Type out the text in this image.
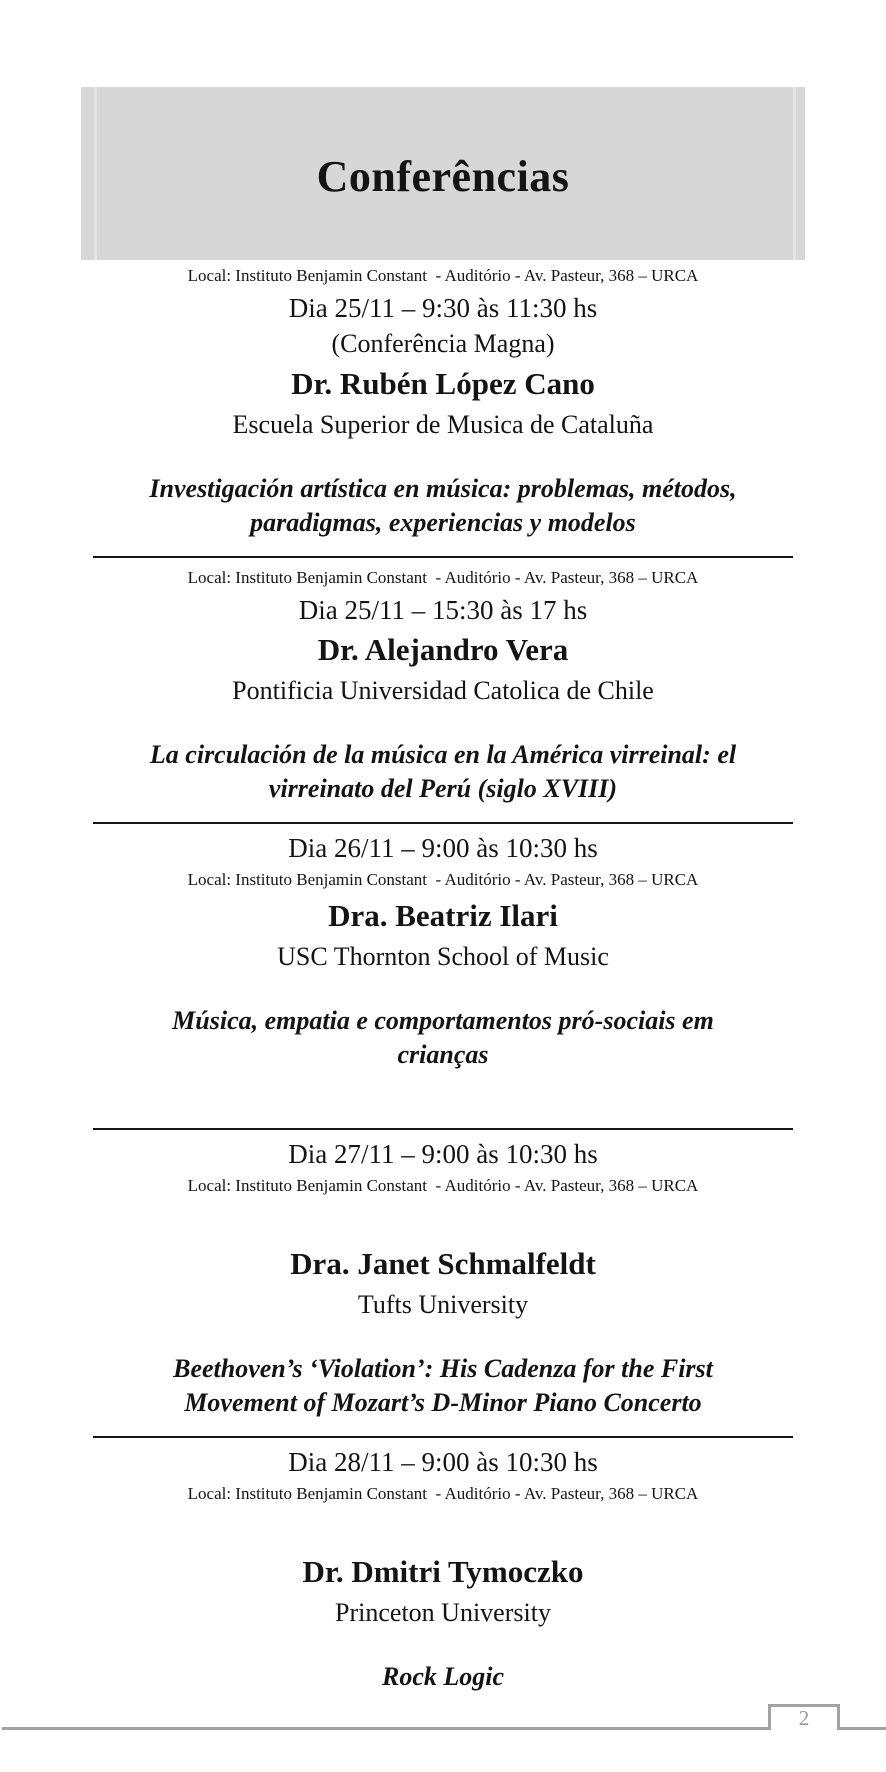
Conferências
Local: Instituto Benjamin Constant  - Auditório - Av. Pasteur, 368 – URCA
Dia 25/11 – 9:30 às 11:30 hs
(Conferência Magna)
Dr. Rubén López Cano
Escuela Superior de Musica de Cataluña
Investigación artística en música: problemas, métodos, paradigmas, experiencias y modelos
Local: Instituto Benjamin Constant  - Auditório - Av. Pasteur, 368 – URCA
Dia 25/11 – 15:30 às 17 hs
Dr. Alejandro Vera
Pontificia Universidad Catolica de Chile
La circulación de la música en la América virreinal: el virreinato del Perú (siglo XVIII)
Dia 26/11 – 9:00 às 10:30 hs
Local: Instituto Benjamin Constant  - Auditório - Av. Pasteur, 368 – URCA
Dra. Beatriz Ilari
USC Thornton School of Music
Música, empatia e comportamentos pró-sociais em crianças
Dia 27/11 – 9:00 às 10:30 hs
Local: Instituto Benjamin Constant  - Auditório - Av. Pasteur, 368 – URCA
Dra. Janet Schmalfeldt
Tufts University
Beethoven’s ‘Violation’: His Cadenza for the First Movement of Mozart’s D-Minor Piano Concerto
Dia 28/11 – 9:00 às 10:30 hs
Local: Instituto Benjamin Constant  - Auditório - Av. Pasteur, 368 – URCA
Dr. Dmitri Tymoczko
Princeton University
Rock Logic
2
